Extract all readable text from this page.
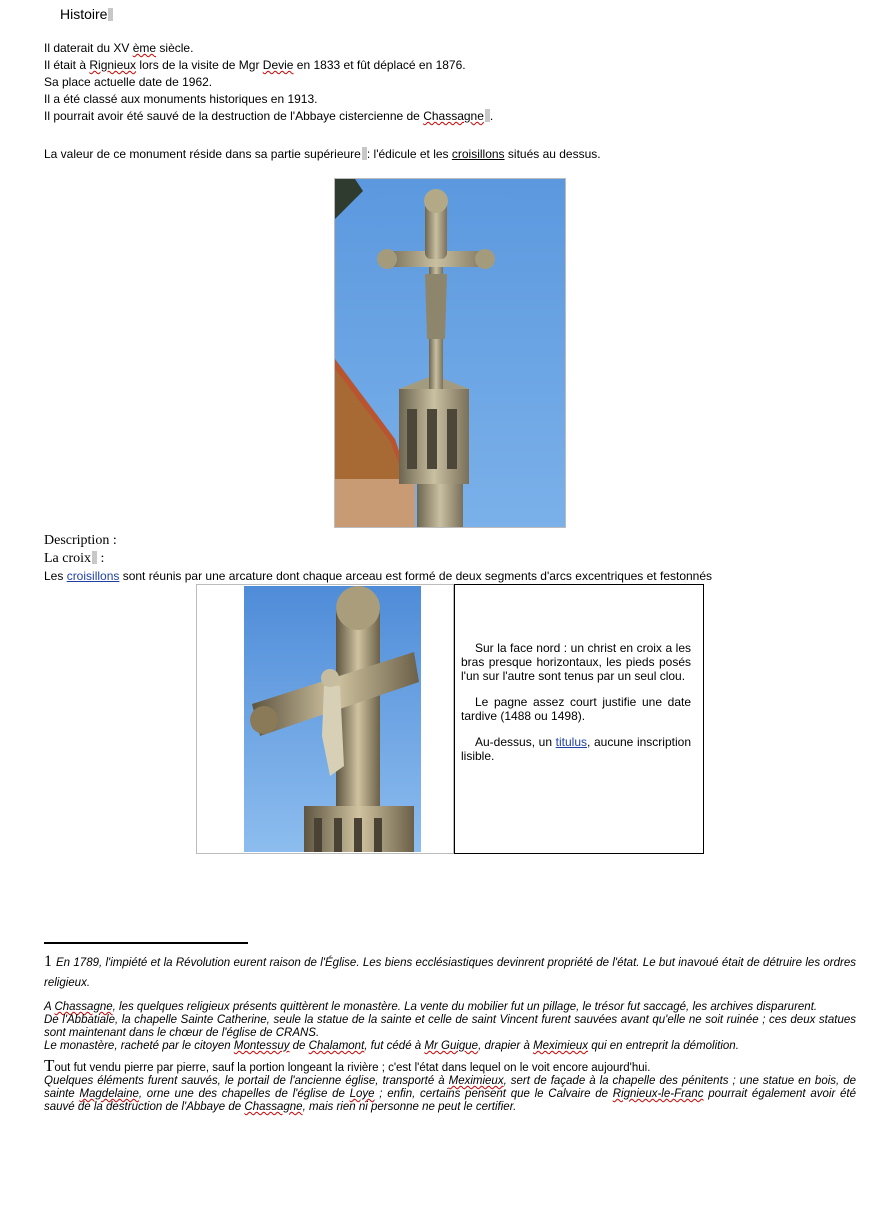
Histoire
Il daterait du XV ème siècle.
Il était à Rignieux lors de la visite de Mgr Devie en 1833 et fût déplacé en 1876.
Sa place actuelle date de 1962.
Il a été classé aux monuments historiques en 1913.
Il pourrait avoir été sauvé de la destruction de l'Abbaye cistercienne de Chassagne .
La valeur de ce monument réside dans sa partie supérieure : l'édicule et les croisillons situés au dessus.
Description :
La croix :
Les croisillons sont réunis par une arcature dont chaque arceau est formé de deux segments d'arcs excentriques et festonnés

Sur la face nord : un christ en croix a les bras presque horizontaux, les pieds posés l'un sur l'autre sont tenus par un seul clou.

Le pagne assez court justifie une date tardive (1488 ou 1498).

Au-dessus, un titulus, aucune inscription lisible.

1 En 1789, l'impiété et la Révolution eurent raison de l'Église. Les biens ecclésiastiques devinrent propriété de l'état. Le but inavoué était de détruire les ordres religieux.

A Chassagne, les quelques religieux présents quittèrent le monastère. La vente du mobilier fut un pillage, le trésor fut saccagé, les archives disparurent.

De l'Abbatiale, la chapelle Sainte Catherine, seule la statue de la sainte et celle de saint Vincent furent sauvées avant qu'elle ne soit ruinée ; ces deux statues sont maintenant dans le chœur de l'église de CRANS.

Le monastère, racheté par le citoyen Montessuy de Chalamont, fut cédé à Mr Guigue, drapier à Meximieux qui en entreprit la démolition.

Tout fut vendu pierre par pierre, sauf la portion longeant la rivière ; c'est l'état dans lequel on le voit encore aujourd'hui.

Quelques éléments furent sauvés, le portail de l'ancienne église, transporté à Meximieux, sert de façade à la chapelle des pénitents ; une statue en bois, de sainte Magdelaine, orne une des chapelles de l'église de Loye ; enfin, certains pensent que le Calvaire de Rignieux-le-Franc pourrait également avoir été sauvé de la destruction de l'Abbaye de Chassagne, mais rien ni personne ne peut le certifier.
